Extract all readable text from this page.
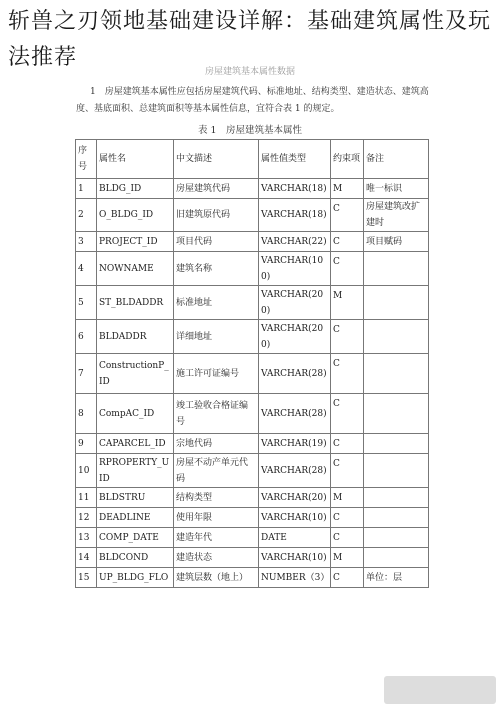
斩兽之刃领地基础建设详解：基础建筑属性及玩法推荐
房屋建筑基本属性数据
1　房屋建筑基本属性应包括房屋建筑代码、标准地址、结构类型、建造状态、建筑高度、基底面积、总建筑面积等基本属性信息，宜符合表 1 的规定。
表 1　房屋建筑基本属性
序号	属性名	中文描述	属性值类型	约束项	备注
1	BLDG_ID	房屋建筑代码	VARCHAR(18)	M	唯一标识
2	O_BLDG_ID	旧建筑原代码	VARCHAR(18)	C	房屋建筑改扩建时
3	PROJECT_ID	项目代码	VARCHAR(22)	C	项目赋码
4	NOWNAME	建筑名称	VARCHAR(100)	C	
5	ST_BLDADDR	标准地址	VARCHAR(200)	M	
6	BLDADDR	详细地址	VARCHAR(200)	C	
7	ConstructionP_ID	施工许可证编号	VARCHAR(28)	C	
8	CompAC_ID	竣工验收合格证编号	VARCHAR(28)	C	
9	CAPARCEL_ID	宗地代码	VARCHAR(19)	C	
10	RPROPERTY_UID	房屋不动产单元代码	VARCHAR(28)	C	
11	BLDSTRU	结构类型	VARCHAR(20)	M	
12	DEADLINE	使用年限	VARCHAR(10)	C	
13	COMP_DATE	建造年代	DATE	C	
14	BLDCOND	建造状态	VARCHAR(10)	M	
15	UP_BLDG_FLO	建筑层数（地上）	NUMBER（3）	C	单位：层
